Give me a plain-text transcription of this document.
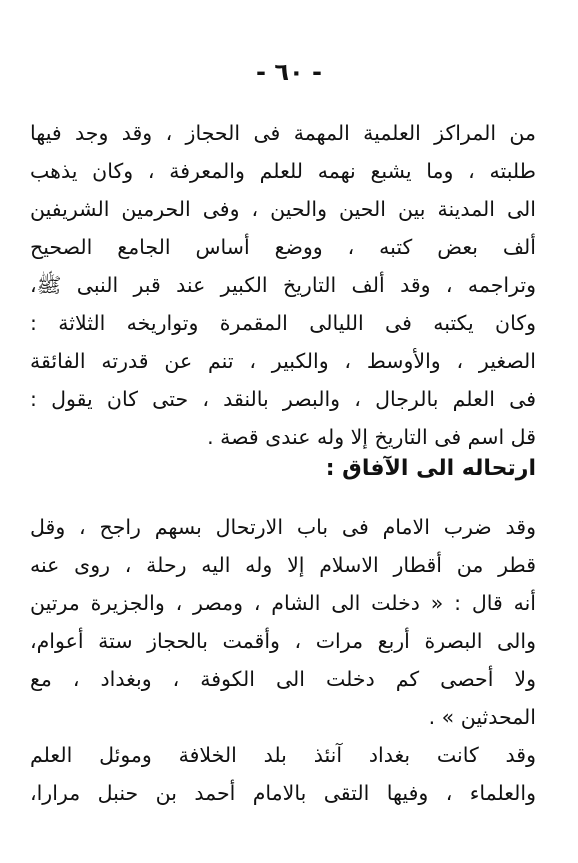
- ٦٠ -
من المراكز العلمية المهمة فى الحجاز ، وقد وجد فيها
طلبته ، وما يشبع نهمه للعلم والمعرفة ، وكان يذهب
الى المدينة بين الحين والحين ، وفى الحرمين الشريفين
ألف بعض كتبه ، ووضع أساس الجامع الصحيح
وتراجمه ، وقد ألف التاريخ الكبير عند قبر النبى ﷺ،
وكان يكتبه فى الليالى المقمرة وتواريخه الثلاثة :
الصغير ، والأوسط ، والكبير ، تنم عن قدرته الفائقة
فى العلم بالرجال ، والبصر بالنقد ، حتى كان يقول :
قل اسم فى التاريخ إلا وله عندى قصة .
ارتحاله الى الآفاق :
وقد ضرب الامام فى باب الارتحال بسهم راجح ، وقل
قطر من أقطار الاسلام إلا وله اليه رحلة ، روى عنه
أنه قال : « دخلت الى الشام ، ومصر ، والجزيرة مرتين
والى البصرة أربع مرات ، وأقمت بالحجاز ستة أعوام،
ولا أحصى كم دخلت الى الكوفة ، وبغداد ، مع
المحدثين » .
وقد كانت بغداد آنئذ بلد الخلافة وموئل العلم
والعلماء ، وفيها التقى بالامام أحمد بن حنبل مرارا،
